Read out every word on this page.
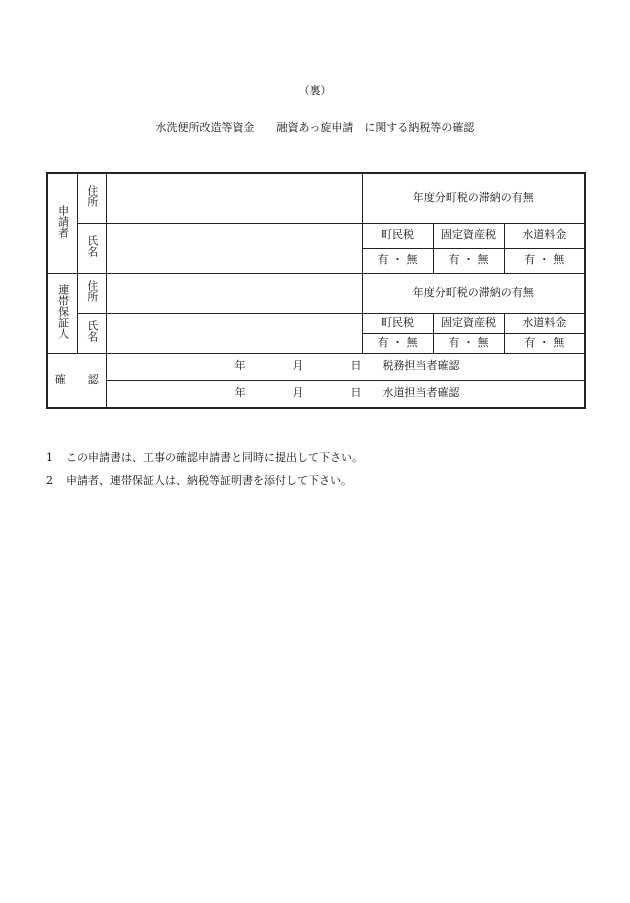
（裏）
水洗便所改造等資金　　融資あっ旋申請　に関する納税等の確認
申請者	住所		年度分町税の滞納の有無		
	氏名		町民税	固定資産税	水道料金
			有 ・ 無	有 ・ 無	有 ・ 無
連帯保証人	住所		年度分町税の滞納の有無		
	氏名		町民税	固定資産税	水道料金
			有 ・ 無	有 ・ 無	有 ・ 無
確　　認		年 月 日 税務担当者確認			

		年 月 日 水道担当者確認			
1 この申請書は、工事の確認申請書と同時に提出して下さい。
2 申請者、連帯保証人は、納税等証明書を添付して下さい。
